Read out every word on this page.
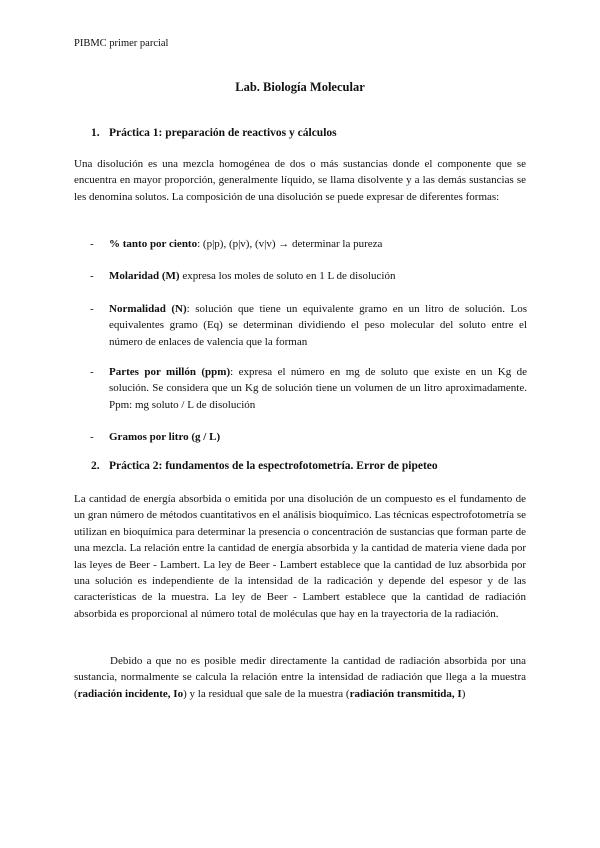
PIBMC primer parcial
Lab. Biología Molecular
1. Práctica 1: preparación de reactivos y cálculos

Una disolución es una mezcla homogénea de dos o más sustancias donde el componente que se encuentra en mayor proporción, generalmente líquido, se llama disolvente y a las demás sustancias se les denomina solutos. La composición de una disolución se puede expresar de diferentes formas:

- % tanto por ciento: (p|p), (p|v), (v|v) → determinar la pureza
- Molaridad (M) expresa los moles de soluto en 1 L de disolución
- Normalidad (N): solución que tiene un equivalente gramo en un litro de solución. Los equivalentes gramo (Eq) se determinan dividiendo el peso molecular del soluto entre el número de enlaces de valencia que la forman
- Partes por millón (ppm): expresa el número en mg de soluto que existe en un Kg de solución. Se considera que un Kg de solución tiene un volumen de un litro aproximadamente. Ppm: mg soluto / L de disolución
- Gramos por litro (g / L)
2. Práctica 2: fundamentos de la espectrofotometría. Error de pipeteo

La cantidad de energía absorbida o emitida por una disolución de un compuesto es el fundamento de un gran número de métodos cuantitativos en el análisis bioquímico. Las técnicas espectrofotometría se utilizan en bioquímica para determinar la presencia o concentración de sustancias que forman parte de una mezcla. La relación entre la cantidad de energía absorbida y la cantidad de materia viene dada por las leyes de Beer - Lambert. La ley de Beer - Lambert establece que la cantidad de luz absorbida por una solución es independiente de la intensidad de la radicación y depende del espesor y de las características de la muestra. La ley de Beer - Lambert establece que la cantidad de radiación absorbida es proporcional al número total de moléculas que hay en la trayectoria de la radiación.

Debido a que no es posible medir directamente la cantidad de radiación absorbida por una sustancia, normalmente se calcula la relación entre la intensidad de radiación que llega a la muestra (radiación incidente, Io) y la residual que sale de la muestra (radiación transmitida, I)
